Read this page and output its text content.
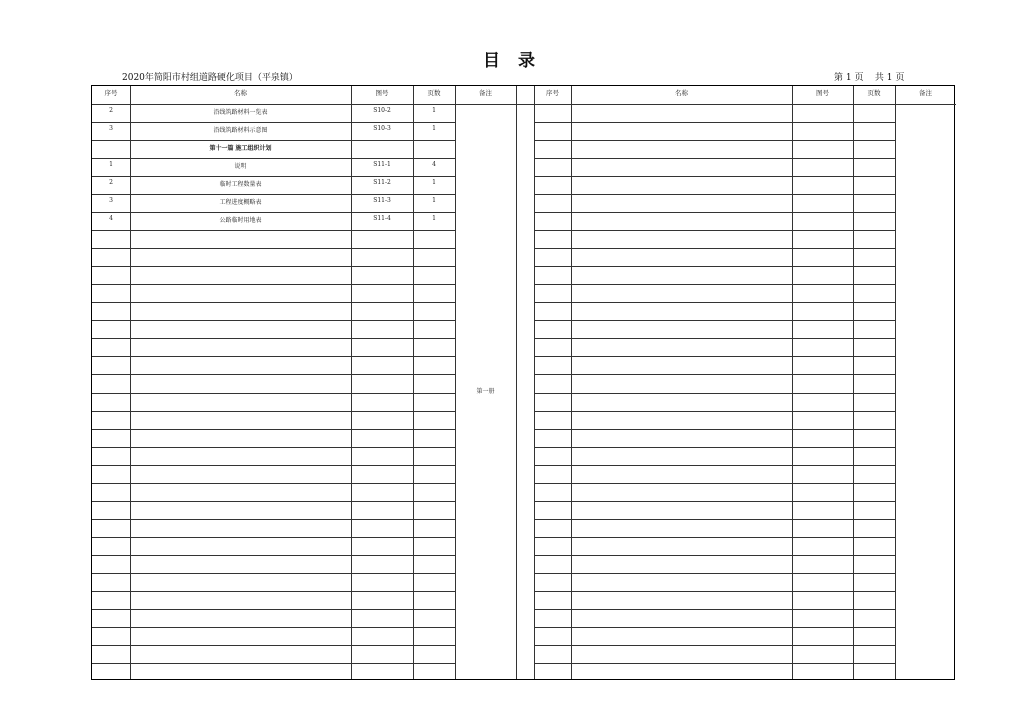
目 录
2020年简阳市村组道路硬化项目（平泉镇）	第 1 页    共 1 页
序号	名称	图号	页数	备注	序号	名称	图号	页数	备注
第一册
2	沿线筑路材料一览表	S10-2	1
3	沿线筑路材料示意图	S10-3	1
第十一篇 施工组织计划
1	说明	S11-1	4
2	临时工程数量表	S11-2	1
3	工程进度概略表	S11-3	1
4	公路临时用地表	S11-4	1
